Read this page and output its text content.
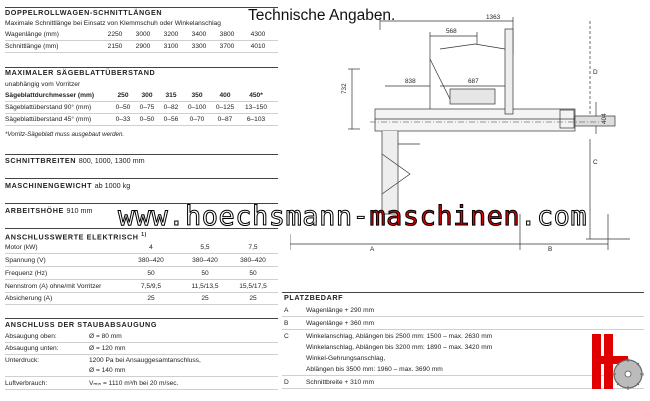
Technische Angaben.
DOPPELROLLWAGEN-SCHNITTLÄNGEN
Maximale Schnittlänge bei Einsatz von Klemmschuh oder Winkelanschlag
Wagenlänge (mm)	2250	3000	3200	3400	3800	4300
Schnittlänge (mm)	2150	2900	3100	3300	3700	4010
MAXIMALER SÄGEBLATTÜBERSTAND
unabhängig vom Vorritzer
Sägeblattdurchmesser (mm)	250	300	315	350	400	450*
Sägeblattüberstand 90° (mm)	0–50	0–75	0–82	0–100	0–125	13–150
Sägeblattüberstand 45° (mm)	0–33	0–50	0–56	0–70	0–87	6–103
*Vorritz-Sägeblatt muss ausgebaut werden.
SCHNITTBREITEN 800, 1000, 1300 mm
MASCHINENGEWICHT ab 1000 kg
ARBEITSHÖHE 910 mm
ANSCHLUSSWERTE ELEKTRISCH $^{1)}$
Motor (kW)	4	5,5	7,5
Spannung (V)	380–420	380–420	380–420
Frequenz (Hz)	50	50	50
Nennstrom (A) ohne/mit Vorritzer	7,5/9,5	11,5/13,5	15,5/17,5
Absicherung (A)	25	25	25
ANSCHLUSS DER STAUBABSAUGUNG
Absaugung oben:	Ø = 80 mm
Absaugung unten:	Ø = 120 mm
Unterdruck:	1200 Pa bei Ansauggesamtanschluss,
Ø = 140 mm
Luftverbrauch:	Vₘᵢₙ = 1110 m³/h bei 20 m/sec.
1363
568
838	687
732
404
D
C
A	B
www.hoechsmann-maschinen.com
PLATZBEDARF
A	Wagenlänge + 290 mm
B	Wagenlänge + 360 mm
C	Winkelanschlag, Ablängen bis 2500 mm: 1500 – max. 2630 mm
Winkelanschlag, Ablängen bis 3200 mm: 1890 – max. 3420 mm
Winkel-Gehrungsanschlag,
Ablängen bis 3500 mm: 1960 – max. 3690 mm
D	Schnittbreite + 310 mm
